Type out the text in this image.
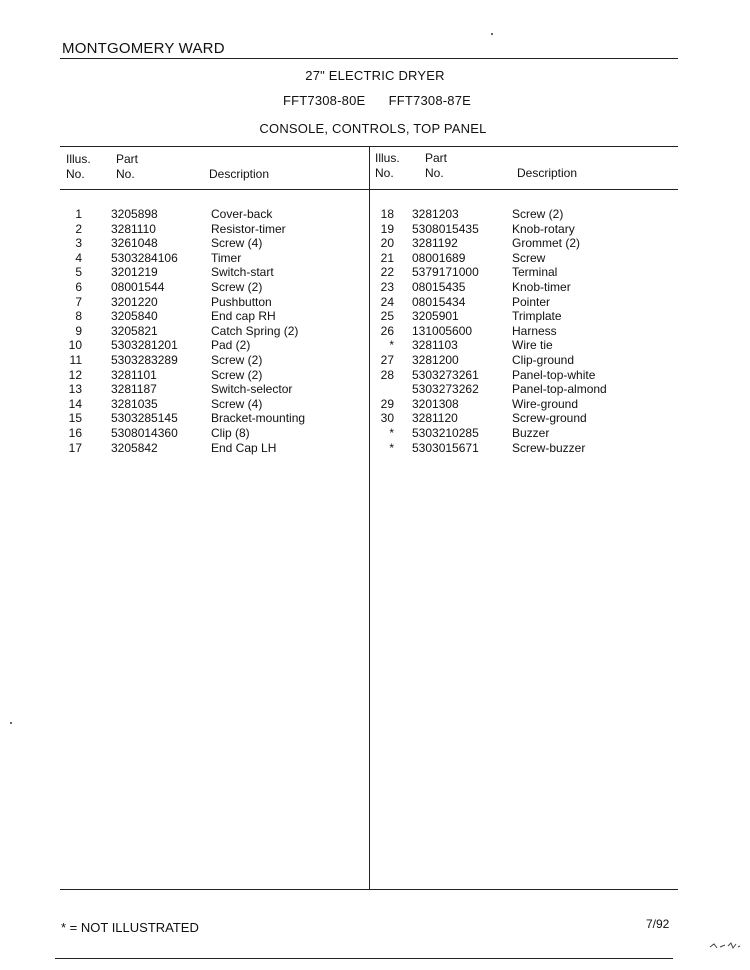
MONTGOMERY WARD
27" ELECTRIC DRYER
FFT7308-80E    FFT7308-87E
CONSOLE, CONTROLS, TOP PANEL
Illus.
No.
Part
No.	Description
Illus.
No.
Part
No.	Description
1 3205898	Cover-back
2 3281110	Resistor-timer
3 3261048	Screw (4)
4 5303284106	Timer
5 3201219	Switch-start
6 08001544	Screw (2)
7 3201220	Pushbutton
8 3205840	End cap RH
9 3205821	Catch Spring (2)
10 5303281201	Pad (2)
11 5303283289	Screw (2)
12 3281101	Screw (2)
13 3281187	Switch-selector
14 3281035	Screw (4)
15 5303285145	Bracket-mounting
16 5308014360	Clip (8)
17 3205842	End Cap LH
18 3281203	Screw (2)
19 5308015435	Knob-rotary
20 3281192	Grommet (2)
21 08001689	Screw
22 5379171000	Terminal
23 08015435	Knob-timer
24 08015434	Pointer
25 3205901	Trimplate
26 131005600	Harness
* 3281103	Wire tie
27 3281200	Clip-ground
28 5303273261	Panel-top-white
5303273262	Panel-top-almond
29 3201308	Wire-ground
30 3281120	Screw-ground
* 5303210285	Buzzer
* 5303015671	Screw-buzzer
* = NOT ILLUSTRATED	7/92
